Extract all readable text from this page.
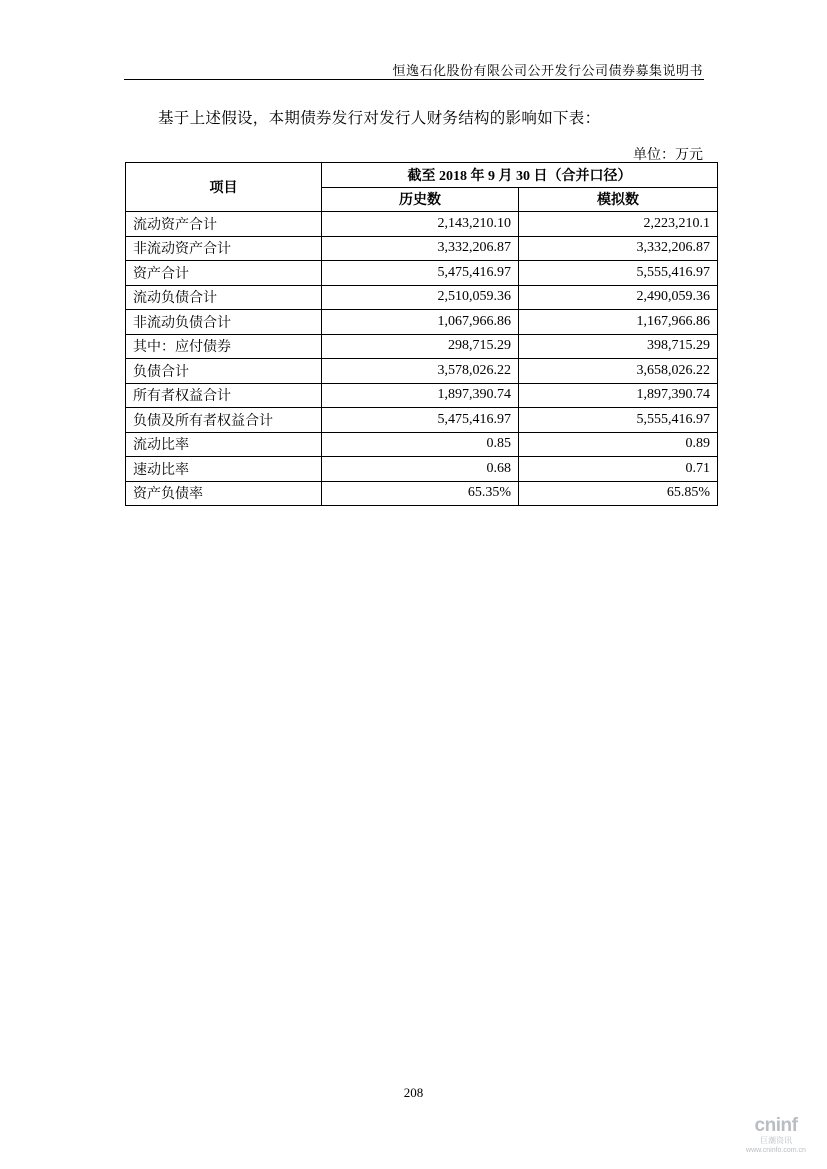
恒逸石化股份有限公司公开发行公司债券募集说明书
基于上述假设，本期债券发行对发行人财务结构的影响如下表：
单位：万元
项目	截至 2018 年 9 月 30 日（合并口径）	
	历史数	模拟数
流动资产合计	2,143,210.10	2,223,210.1
非流动资产合计	3,332,206.87	3,332,206.87
资产合计	5,475,416.97	5,555,416.97
流动负债合计	2,510,059.36	2,490,059.36
非流动负债合计	1,067,966.86	1,167,966.86
其中：应付债券	298,715.29	398,715.29
负债合计	3,578,026.22	3,658,026.22
所有者权益合计	1,897,390.74	1,897,390.74
负债及所有者权益合计	5,475,416.97	5,555,416.97
流动比率	0.85	0.89
速动比率	0.68	0.71
资产负债率	65.35%	65.85%
208
cninf
巨潮资讯
www.cninfo.com.cn
